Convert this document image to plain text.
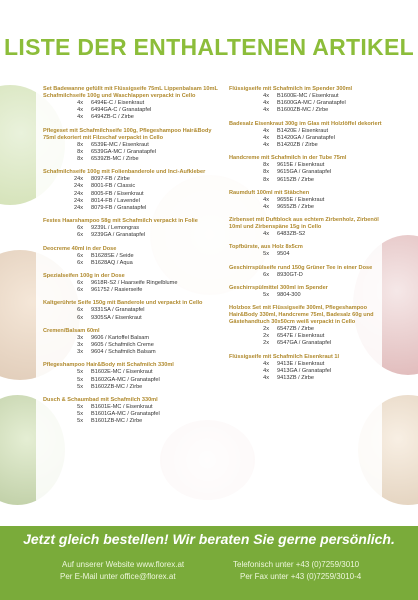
LISTE DER ENTHALTENEN ARTIKEL
Set Badewanne gefüllt mit Flüssigseife 75mL Lippenbalsam 10mL Schafmilchseife 100g und Waschlappen verpackt in Cello
4x	6494E-C / Eisenkraut
4x	6494GA-C / Granatapfel
4x	6494ZB-C / Zirbe
Pflegeset mit Schafmilchseife 100g, Pflegeshampoo Hair&Body 75ml dekoriert mit Filzschaf verpackt in Cello
8x	6539E-MC / Eisenkraut
8x	6539GA-MC / Granatapfel
8x	6539ZB-MC / Zirbe
Schafmilchseife 100g mit Folienbanderole und Inci-Aufkleber
24x	8097-FB / Zirbe
24x	8001-FB / Classic
24x	8005-FB / Eisenkraut
24x	8014-FB / Lavendel
24x	8079-FB / Granatapfel
Festes Haarshampoo 58g mit Schafmilch verpackt in Folie
6x	9239L / Lemongras
6x	9239GA / Granatapfel
Deocreme 40ml in der Dose
6x	B1628SE / Seide
6x	B1628AQ / Aqua
Spezialseifen 100g in der Dose
6x	9618R-S2 / Haarseife Ringelblume
6x	961752 / Rasierseife
Kaltgerührte Seife 150g mit Banderole und verpackt in Cello
6x	9331SA / Granatapfel
6x	9305SA / Eisenkraut
Cremen/Balsam 60ml
3x	9606 / Kartoffel Balsam
3x	9605 / Schafmilch Creme
3x	9604 / Schafmilch Balsam
Pflegeshampoo Hair&Body mit Schafmilch 330ml
5x	B1602E-MC / Eisenkraut
5x	B1602GA-MC / Granatapfel
5x	B1602ZB-MC / Zirbe
Dusch & Schaumbad mit Schafmilch 330ml
5x	B1601E-MC / Eisenkraut
5x	B1601GA-MC / Granatapfel
5x	B1601ZB-MC / Zirbe
Flüssigseife mit Schafmilch im Spender 300ml
4x	B1600E-MC / Eisenkraut
4x	B1600GA-MC / Granatapfel
4x	B1600ZB-MC / Zirbe
Badesalz Eisenkraut 300g im Glas mit Holzlöffel dekoriert
4x	B1420E / Eisenkraut
4x	B1420GA / Granatapfel
4x	B1420ZB / Zirbe
Handcreme mit Schafmilch in der Tube 75ml
8x	9615E / Eisenkraut
8x	9615GA / Granatapfel
8x	9615ZB / Zirbe
Raumduft 100ml mit Stäbchen
4x	9655E / Eisenkraut
4x	9655ZB / Zirbe
Zirbenset mit Duftblock aus echtem Zirbenholz, Zirbenöl 10ml und Zirbenspäne 15g in Cello
4x	6483ZB-S2
Topfbürste, aus Holz 8x5cm
5x	9504
Geschirrspülseife rund 150g Grüner Tee in einer Dose
6x	8930GT-D
Geschirrspülmittel 300ml im Spender
5x	9804-300
Holzbox Set mit Flüssigseife 300ml, Pflegeshampoo Hair&Body 330ml, Handcreme 75ml, Badesalz 60g und Gästehandtuch 30x50cm weiß verpackt in Cello
2x	6547ZB / Zirbe
2x	6547E / Eisenkraut
2x	6547GA / Granatapfel
Flüssigseife mit Schafmilch Eisenkraut 1l
4x	9413E / Eisenkraut
4x	9413GA / Granatapfel
4x	9413ZB / Zirbe
Jetzt gleich bestellen! Wir beraten Sie gerne persönlich.
Auf unserer Website www.florex.at
Per E-Mail unter office@florex.at
Telefonisch unter +43 (0)7259/3010
Per Fax unter +43 (0)7259/3010-4
